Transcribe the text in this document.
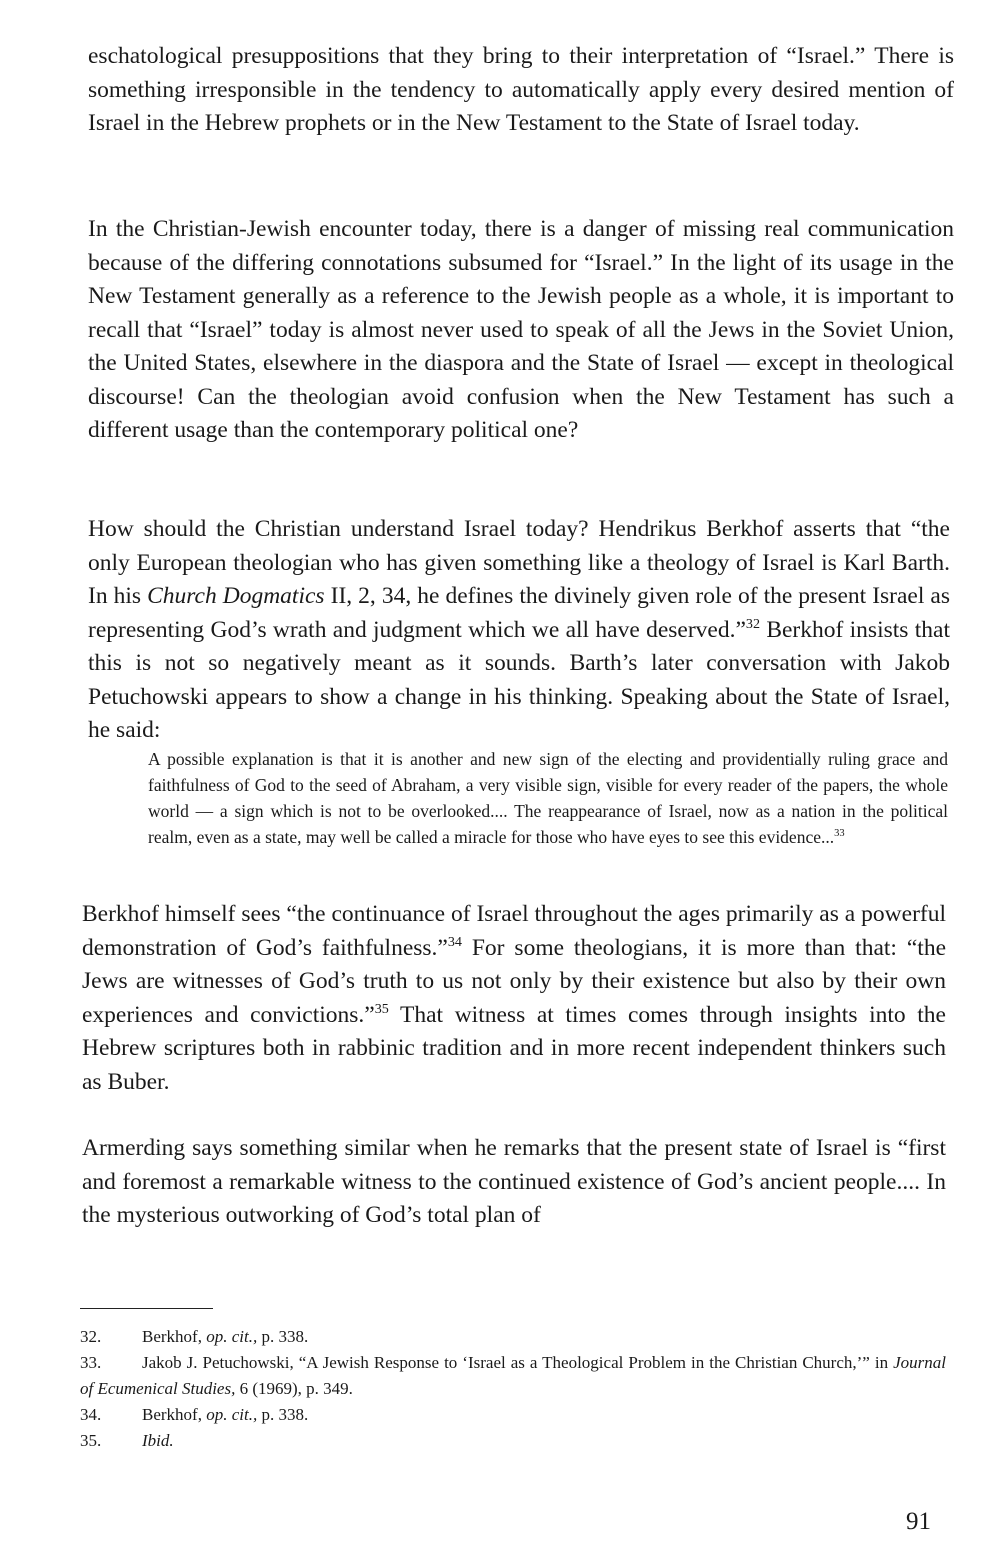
eschatological presuppositions that they bring to their interpretation of “Israel.” There is something irresponsible in the tendency to automatically apply every desired mention of Israel in the Hebrew prophets or in the New Testament to the State of Israel today.

In the Christian-Jewish encounter today, there is a danger of missing real communication because of the differing connotations subsumed for “Israel.” In the light of its usage in the New Testament generally as a reference to the Jewish people as a whole, it is important to recall that “Israel” today is almost never used to speak of all the Jews in the Soviet Union, the United States, elsewhere in the diaspora and the State of Israel — except in theological discourse! Can the theologian avoid confusion when the New Testament has such a different usage than the contemporary political one?

How should the Christian understand Israel today? Hendrikus Berkhof asserts that “the only European theologian who has given something like a theology of Israel is Karl Barth. In his Church Dogmatics II, 2, 34, he defines the divinely given role of the present Israel as representing God’s wrath and judgment which we all have deserved.”$^{32}$ Berkhof insists that this is not so negatively meant as it sounds. Barth’s later conversation with Jakob Petuchowski appears to show a change in his thinking. Speaking about the State of Israel, he said:

A possible explanation is that it is another and new sign of the electing and providentially ruling grace and faithfulness of God to the seed of Abraham, a very visible sign, visible for every reader of the papers, the whole world — a sign which is not to be overlooked.... The reappearance of Israel, now as a nation in the political realm, even as a state, may well be called a miracle for those who have eyes to see this evidence...$^{33}$

Berkhof himself sees “the continuance of Israel throughout the ages primarily as a powerful demonstration of God’s faithfulness.”$^{34}$ For some theologians, it is more than that: “the Jews are witnesses of God’s truth to us not only by their existence but also by their own experiences and convictions.”$^{35}$ That witness at times comes through insights into the Hebrew scriptures both in rabbinic tradition and in more recent independent thinkers such as Buber.

Armerding says something similar when he remarks that the present state of Israel is “first and foremost a remarkable witness to the continued existence of God’s ancient people.... In the mysterious outworking of God’s total plan of

32. Berkhof, op. cit., p. 338.

33. Jakob J. Petuchowski, “A Jewish Response to ‘Israel as a Theological Problem in the Christian Church,’” in Journal of Ecumenical Studies, 6 (1969), p. 349.

34. Berkhof, op. cit., p. 338.

35. Ibid.

91
